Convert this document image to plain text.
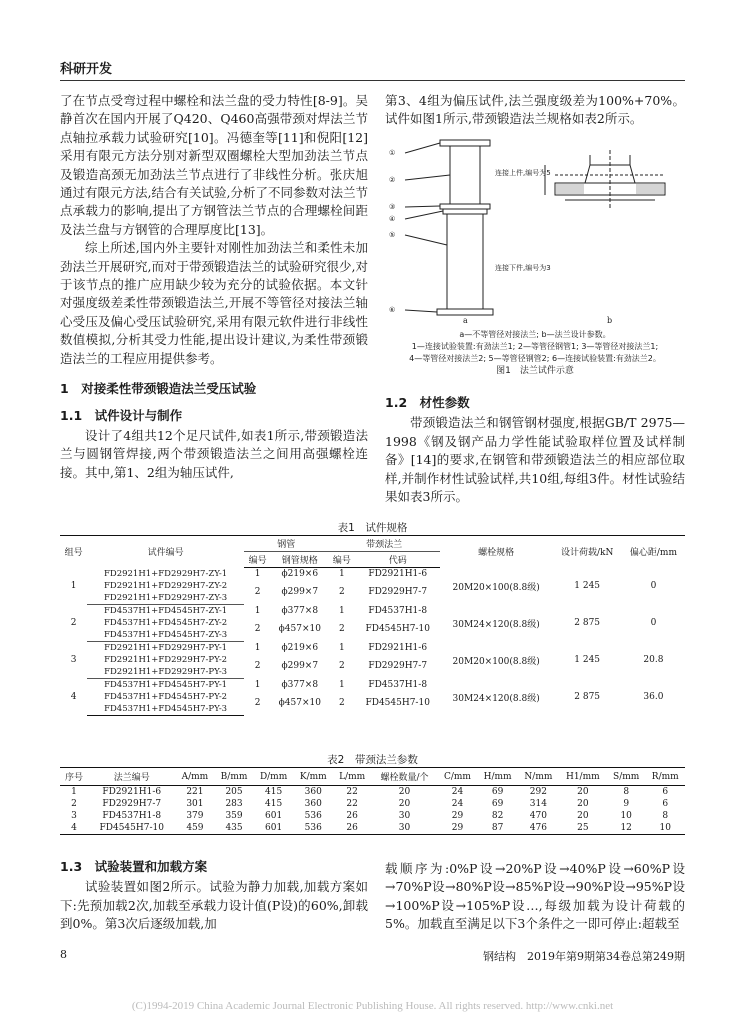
科研开发

了在节点受弯过程中螺栓和法兰盘的受力特性[8-9]。吴静首次在国内开展了Q420、Q460高强带颈对焊法兰节点轴拉承载力试验研究[10]。冯德奎等[11]和倪阳[12]采用有限元方法分别对新型双圈螺栓大型加劲法兰节点及锻造高颈无加劲法兰节点进行了非线性分析。张庆旭通过有限元方法,结合有关试验,分析了不同参数对法兰节点承载力的影响,提出了方钢管法兰节点的合理螺栓间距及法兰盘与方钢管的合理厚度比[13]。

综上所述,国内外主要针对刚性加劲法兰和柔性未加劲法兰开展研究,而对于带颈锻造法兰的试验研究很少,对于该节点的推广应用缺少较为充分的试验依据。本文针对强度级差柔性带颈锻造法兰,开展不等管径对接法兰轴心受压及偏心受压试验研究,采用有限元软件进行非线性数值模拟,分析其受力性能,提出设计建议,为柔性带颈锻造法兰的工程应用提供参考。

1　对接柔性带颈锻造法兰受压试验
1.1　试件设计与制作

设计了4组共12个足尺试件,如表1所示,带颈锻造法兰与圆钢管焊接,两个带颈锻造法兰之间用高强螺栓连接。其中,第1、2组为轴压试件,

第3、4组为偏压试件,法兰强度级差为100%+70%。试件如图1所示,带颈锻造法兰规格如表2所示。

①
②
③
④
⑤
⑥
连接上件,编号为5
连接下件,编号为3
a	b
a—不等管径对接法兰; b—法兰设计参数。
1—连接试验装置:有劲法兰1; 2—等管径钢管1; 3—等管径对接法兰1;
4—等管径对接法兰2; 5—等管径钢管2; 6—连接试验装置:有劲法兰2。
图1　法兰试件示意
1.2　材性参数

带颈锻造法兰和钢管钢材强度,根据GB/T 2975—1998《钢及钢产品力学性能试验取样位置及试样制备》[14]的要求,在钢管和带颈锻造法兰的相应部位取样,并制作材性试验试样,共10组,每组3件。材性试验结果如表3所示。

表1　试件规格
组号	试件编号	钢管		带颈法兰		螺栓规格	设计荷载/kN	偏心距/mm
		编号	钢管规格	编号	代码			
1	FD2921H1+FD2929H7-ZY-1	1	ϕ219×6	1	FD2921H1-6	20M20×100(8.8级)	1 245	0
	FD2921H1+FD2929H7-ZY-2	2	ϕ299×7	2	FD2929H7-7			
	FD2921H1+FD2929H7-ZY-3							
2	FD4537H1+FD4545H7-ZY-1	1	ϕ377×8	1	FD4537H1-8	30M24×120(8.8级)	2 875	0
	FD4537H1+FD4545H7-ZY-2	2	ϕ457×10	2	FD4545H7-10			
	FD4537H1+FD4545H7-ZY-3							
3	FD2921H1+FD2929H7-PY-1	1	ϕ219×6	1	FD2921H1-6	20M20×100(8.8级)	1 245	20.8
	FD2921H1+FD2929H7-PY-2	2	ϕ299×7	2	FD2929H7-7			
	FD2921H1+FD2929H7-PY-3							
4	FD4537H1+FD4545H7-PY-1	1	ϕ377×8	1	FD4537H1-8	30M24×120(8.8级)	2 875	36.0
	FD4537H1+FD4545H7-PY-2	2	ϕ457×10	2	FD4545H7-10			
	FD4537H1+FD4545H7-PY-3							
表2　带颈法兰参数
序号	法兰编号	A/mm	B/mm	D/mm	K/mm	L/mm	螺栓数量/个	C/mm	H/mm	N/mm	H1/mm	S/mm	R/mm
1	FD2921H1-6	221	205	415	360	22	20	24	69	292	20	8	6
2	FD2929H7-7	301	283	415	360	22	20	24	69	314	20	9	6
3	FD4537H1-8	379	359	601	536	26	30	29	82	470	20	10	8
4	FD4545H7-10	459	435	601	536	26	30	29	87	476	25	12	10
1.3　试验装置和加载方案

试验装置如图2所示。试验为静力加载,加载方案如下:先预加载2次,加载至承载力设计值(P设)的60%,卸载到0%。第3次后逐级加载,加

载顺序为:0%P设→20%P设→40%P设→60%P设→70%P设→80%P设→85%P设→90%P设→95%P设→100%P设→105%P设…,每级加载为设计荷载的5%。加载直至满足以下3个条件之一即可停止:超载至

8	钢结构　2019年第9期第34卷总第249期
(C)1994-2019 China Academic Journal Electronic Publishing House. All rights reserved. http://www.cnki.net
